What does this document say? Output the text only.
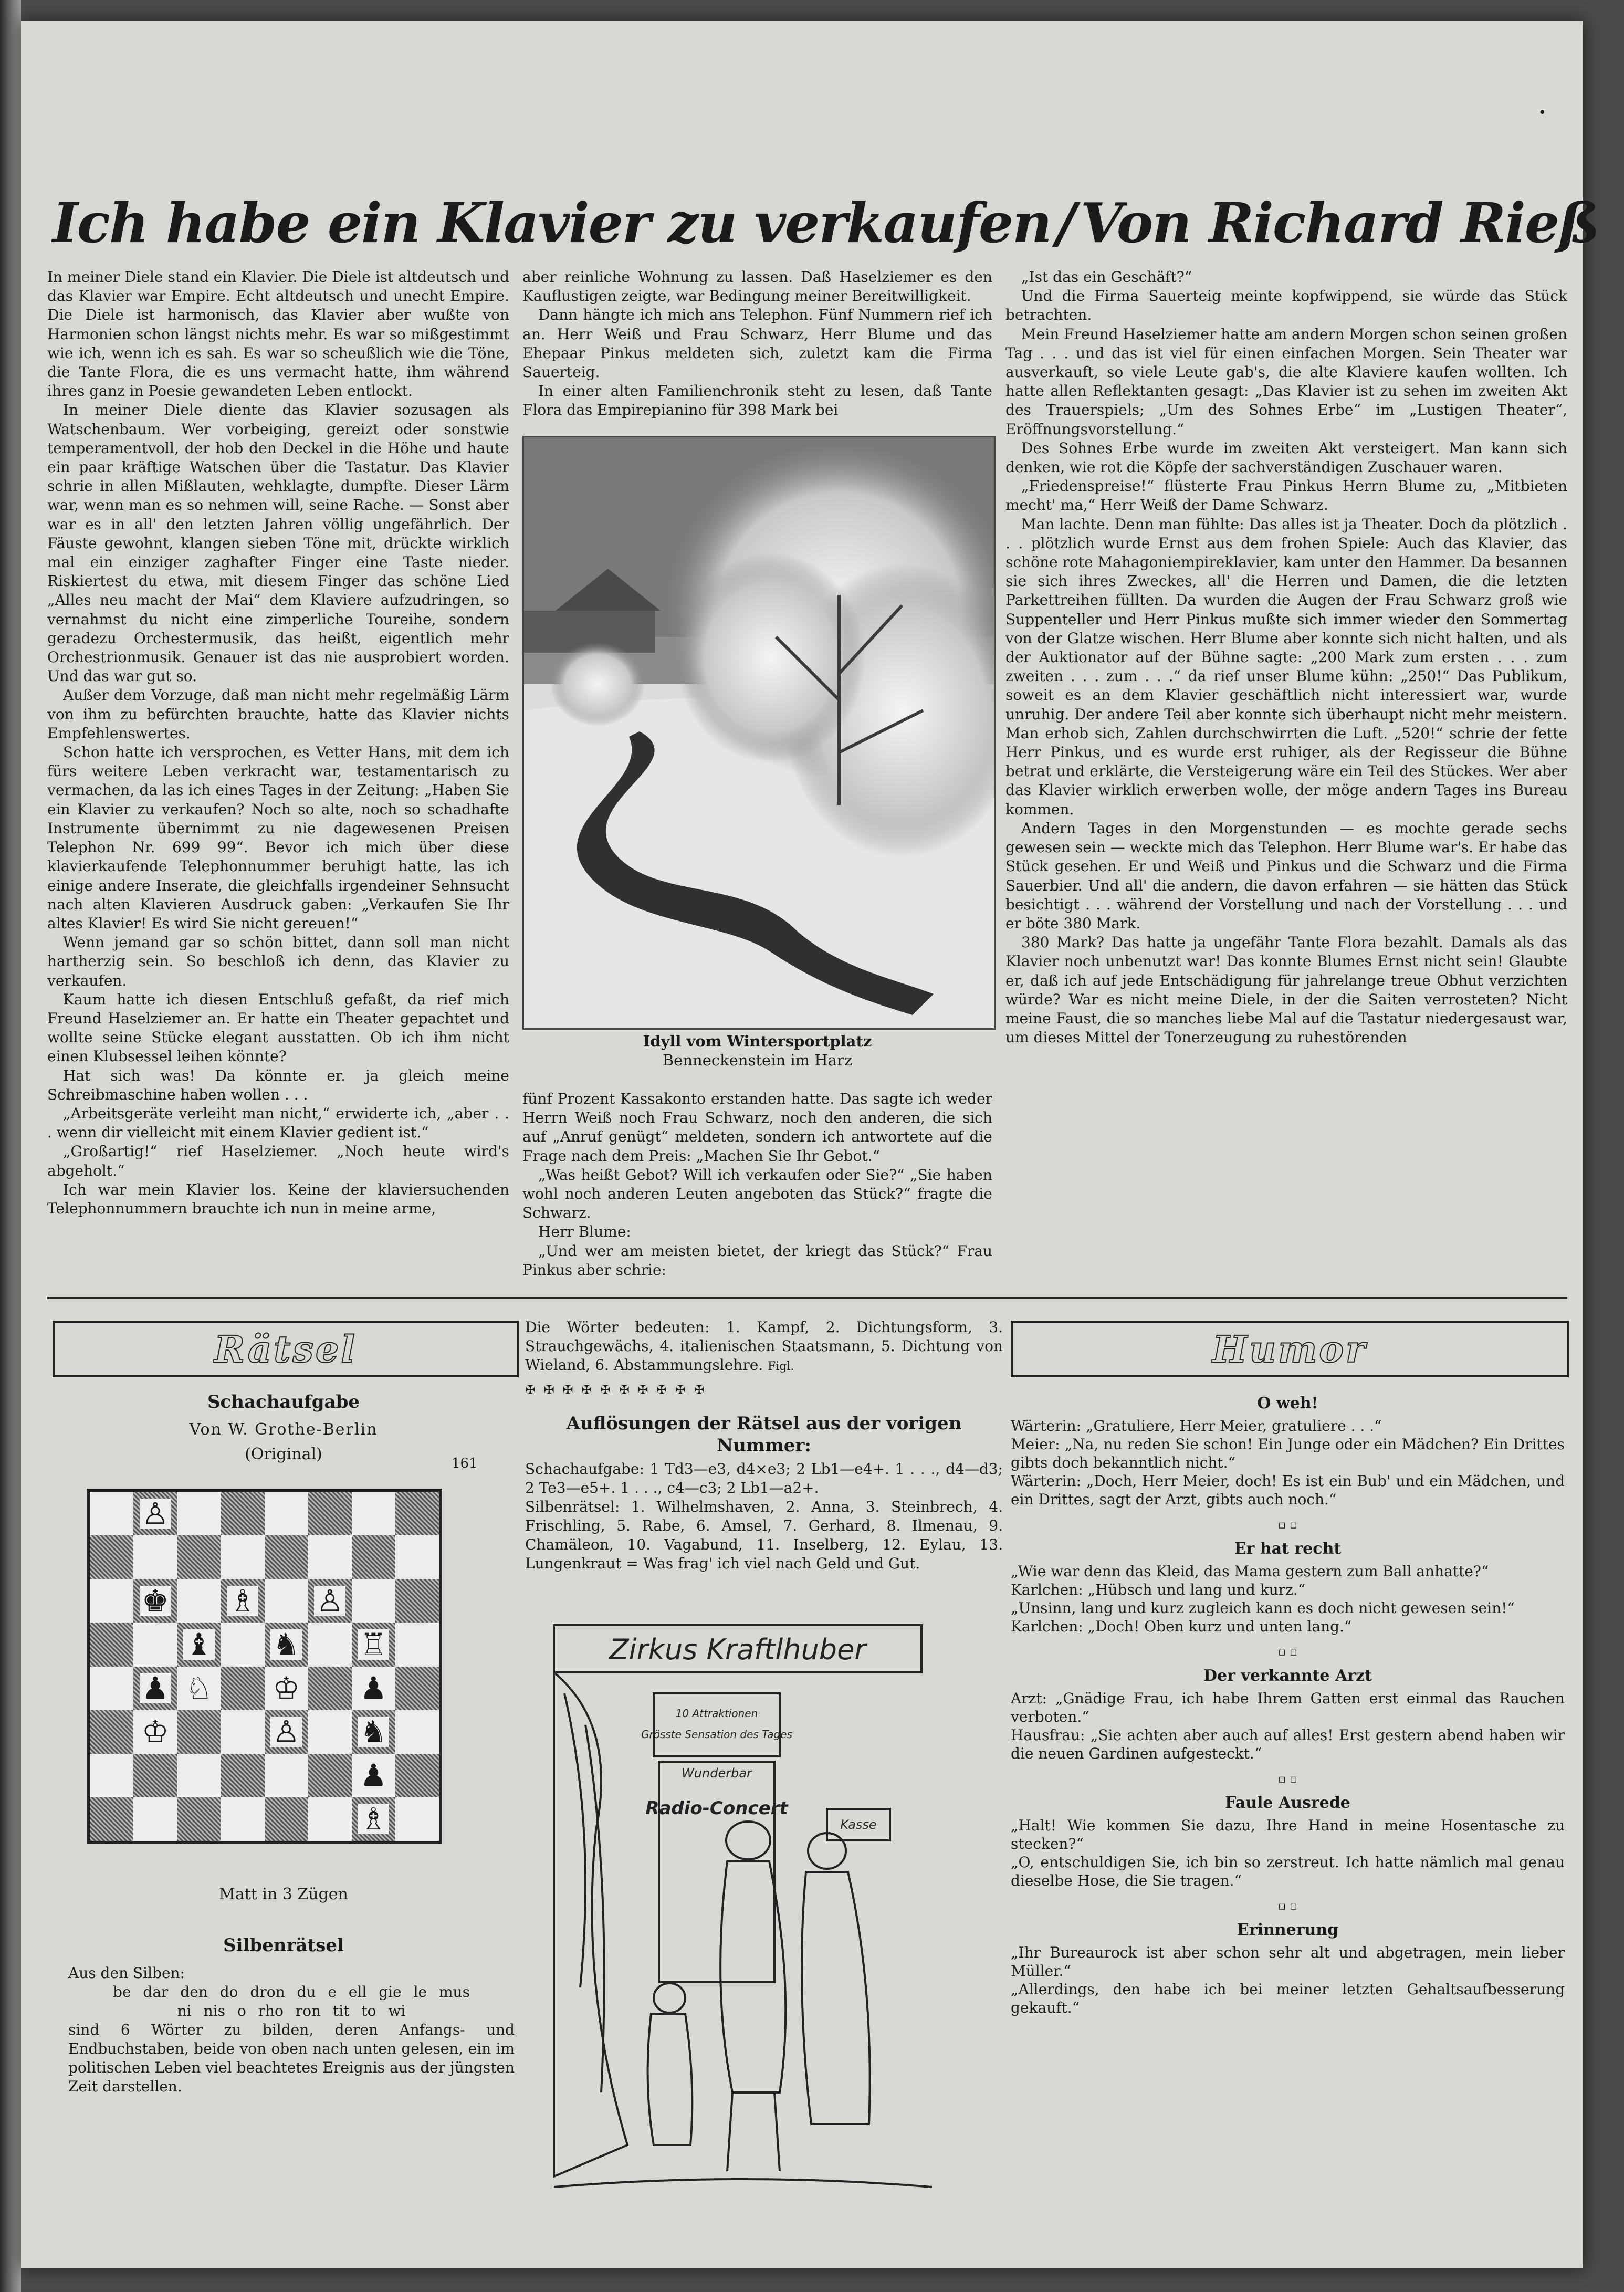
Ich habe ein Klavier zu verkaufen/Von Richard Rieß
•

In meiner Diele stand ein Klavier. Die Diele ist altdeutsch und das Klavier war Empire. Echt altdeutsch und unecht Empire. Die Diele ist harmonisch, das Klavier aber wußte von Harmonien schon längst nichts mehr. Es war so mißgestimmt wie ich, wenn ich es sah. Es war so scheußlich wie die Töne, die Tante Flora, die es uns vermacht hatte, ihm während ihres ganz in Poesie gewandeten Leben entlockt.

In meiner Diele diente das Klavier sozusagen als Watschenbaum. Wer vorbeiging, gereizt oder sonstwie temperamentvoll, der hob den Deckel in die Höhe und haute ein paar kräftige Watschen über die Tastatur. Das Klavier schrie in allen Mißlauten, wehklagte, dumpfte. Dieser Lärm war, wenn man es so nehmen will, seine Rache. — Sonst aber war es in all' den letzten Jahren völlig ungefährlich. Der Fäuste gewohnt, klangen sieben Töne mit, drückte wirklich mal ein einziger zaghafter Finger eine Taste nieder. Riskiertest du etwa, mit diesem Finger das schöne Lied „Alles neu macht der Mai“ dem Klaviere aufzudringen, so vernahmst du nicht eine zimperliche Toureihe, sondern geradezu Orchestermusik, das heißt, eigentlich mehr Orchestrionmusik. Genauer ist das nie ausprobiert worden. Und das war gut so.

Außer dem Vorzuge, daß man nicht mehr regelmäßig Lärm von ihm zu befürchten brauchte, hatte das Klavier nichts Empfehlenswertes.

Schon hatte ich versprochen, es Vetter Hans, mit dem ich fürs weitere Leben verkracht war, testamentarisch zu vermachen, da las ich eines Tages in der Zeitung: „Haben Sie ein Klavier zu verkaufen? Noch so alte, noch so schadhafte Instrumente übernimmt zu nie dagewesenen Preisen Telephon Nr. 699 99“. Bevor ich mich über diese klavierkaufende Telephonnummer beruhigt hatte, las ich einige andere Inserate, die gleichfalls irgendeiner Sehnsucht nach alten Klavieren Ausdruck gaben: „Verkaufen Sie Ihr altes Klavier! Es wird Sie nicht gereuen!“

Wenn jemand gar so schön bittet, dann soll man nicht hartherzig sein. So beschloß ich denn, das Klavier zu verkaufen.

Kaum hatte ich diesen Entschluß gefaßt, da rief mich Freund Haselziemer an. Er hatte ein Theater gepachtet und wollte seine Stücke elegant ausstatten. Ob ich ihm nicht einen Klubsessel leihen könnte?

Hat sich was! Da könnte er. ja gleich meine Schreibmaschine haben wollen . . .

„Arbeitsgeräte verleiht man nicht,“ erwiderte ich, „aber . . . wenn dir vielleicht mit einem Klavier gedient ist.“

„Großartig!“ rief Haselziemer. „Noch heute wird's abgeholt.“

Ich war mein Klavier los. Keine der klaviersuchenden Telephonnummern brauchte ich nun in meine arme,

aber reinliche Wohnung zu lassen. Daß Haselziemer es den Kauflustigen zeigte, war Bedingung meiner Bereitwilligkeit.

Dann hängte ich mich ans Telephon. Fünf Nummern rief ich an. Herr Weiß und Frau Schwarz, Herr Blume und das Ehepaar Pinkus meldeten sich, zuletzt kam die Firma Sauerteig.

In einer alten Familienchronik steht zu lesen, daß Tante Flora das Empirepianino für 398 Mark bei

Idyll vom Wintersportplatz
Benneckenstein im Harz

fünf Prozent Kassakonto erstanden hatte. Das sagte ich weder Herrn Weiß noch Frau Schwarz, noch den anderen, die sich auf „Anruf genügt“ meldeten, sondern ich antwortete auf die Frage nach dem Preis: „Machen Sie Ihr Gebot.“

„Was heißt Gebot? Will ich verkaufen oder Sie?“ „Sie haben wohl noch anderen Leuten angeboten das Stück?“ fragte die Schwarz.

Herr Blume:

„Und wer am meisten bietet, der kriegt das Stück?“ Frau Pinkus aber schrie:

„Ist das ein Geschäft?“

Und die Firma Sauerteig meinte kopfwippend, sie würde das Stück betrachten.

Mein Freund Haselziemer hatte am andern Morgen schon seinen großen Tag . . . und das ist viel für einen einfachen Morgen. Sein Theater war ausverkauft, so viele Leute gab's, die alte Klaviere kaufen wollten. Ich hatte allen Reflektanten gesagt: „Das Klavier ist zu sehen im zweiten Akt des Trauerspiels; „Um des Sohnes Erbe“ im „Lustigen Theater“, Eröffnungsvorstellung.“

Des Sohnes Erbe wurde im zweiten Akt versteigert. Man kann sich denken, wie rot die Köpfe der sachverständigen Zuschauer waren.

„Friedenspreise!“ flüsterte Frau Pinkus Herrn Blume zu, „Mitbieten mecht' ma,“ Herr Weiß der Dame Schwarz.

Man lachte. Denn man fühlte: Das alles ist ja Theater. Doch da plötzlich . . . plötzlich wurde Ernst aus dem frohen Spiele: Auch das Klavier, das schöne rote Mahagoniempireklavier, kam unter den Hammer. Da besannen sie sich ihres Zweckes, all' die Herren und Damen, die die letzten Parkettreihen füllten. Da wurden die Augen der Frau Schwarz groß wie Suppenteller und Herr Pinkus mußte sich immer wieder den Sommertag von der Glatze wischen. Herr Blume aber konnte sich nicht halten, und als der Auktionator auf der Bühne sagte: „200 Mark zum ersten . . . zum zweiten . . . zum . . .“ da rief unser Blume kühn: „250!“ Das Publikum, soweit es an dem Klavier geschäftlich nicht interessiert war, wurde unruhig. Der andere Teil aber konnte sich überhaupt nicht mehr meistern. Man erhob sich, Zahlen durchschwirrten die Luft. „520!“ schrie der fette Herr Pinkus, und es wurde erst ruhiger, als der Regisseur die Bühne betrat und erklärte, die Versteigerung wäre ein Teil des Stückes. Wer aber das Klavier wirklich erwerben wolle, der möge andern Tages ins Bureau kommen.

Andern Tages in den Morgenstunden — es mochte gerade sechs gewesen sein — weckte mich das Telephon. Herr Blume war's. Er habe das Stück gesehen. Er und Weiß und Pinkus und die Schwarz und die Firma Sauerbier. Und all' die andern, die davon erfahren — sie hätten das Stück besichtigt . . . während der Vorstellung und nach der Vorstellung . . . und er böte 380 Mark.

380 Mark? Das hatte ja ungefähr Tante Flora bezahlt. Damals als das Klavier noch unbenutzt war! Das konnte Blumes Ernst nicht sein! Glaubte er, daß ich auf jede Entschädigung für jahrelange treue Obhut verzichten würde? War es nicht meine Diele, in der die Saiten verrosteten? Nicht meine Faust, die so manches liebe Mal auf die Tastatur niedergesaust war, um dieses Mittel der Tonerzeugung zu ruhestörenden

Rätsel
Schachaufgabe
Von W. Grothe-Berlin
(Original)	161
♙
♚ ♗ ♙
♝ ♞ ♖
♟ ♘ ♔ ♟
♔	♙ ♞
♟
♗
Matt in 3 Zügen
Silbenrätsel

Aus den Silben:

be dar den do dron du e ell gie le mus

ni nis o rho ron tit to wi

sind 6 Wörter zu bilden, deren Anfangs- und Endbuchstaben, beide von oben nach unten gelesen, ein im politischen Leben viel beachtetes Ereignis aus der jüngsten Zeit darstellen.

Die Wörter bedeuten: 1. Kampf, 2. Dichtungsform, 3. Strauchgewächs, 4. italienischen Staatsmann, 5. Dichtung von Wieland, 6. Abstammungslehre. Figl.

✠ ✠ ✠ ✠ ✠ ✠ ✠ ✠ ✠ ✠

Auflösungen der Rätsel aus der vorigen Nummer:

Schachaufgabe: 1 Td3—e3, d4×e3; 2 Lb1—e4+. 1 . . ., d4—d3; 2 Te3—e5+. 1 . . ., c4—c3; 2 Lb1—a2+.

Silbenrätsel: 1. Wilhelmshaven, 2. Anna, 3. Steinbrech, 4. Frischling, 5. Rabe, 6. Amsel, 7. Gerhard, 8. Ilmenau, 9. Chamäleon, 10. Vagabund, 11. Inselberg, 12. Eylau, 13. Lungenkraut = Was frag' ich viel nach Geld und Gut.

Zirkus Kraftlhuber
10 Attraktionen
Grösste Sensation des Tages
Wunderbar
Radio-Concert
Kasse
Humor
O weh!

Wärterin: „Gratuliere, Herr Meier, gratuliere . . .“

Meier: „Na, nu reden Sie schon! Ein Junge oder ein Mädchen? Ein Drittes gibts doch bekanntlich nicht.“

Wärterin: „Doch, Herr Meier, doch! Es ist ein Bub' und ein Mädchen, und ein Drittes, sagt der Arzt, gibts auch noch.“

▫ ▫
Er hat recht

„Wie war denn das Kleid, das Mama gestern zum Ball anhatte?“

Karlchen: „Hübsch und lang und kurz.“

„Unsinn, lang und kurz zugleich kann es doch nicht gewesen sein!“

Karlchen: „Doch! Oben kurz und unten lang.“

▫ ▫
Der verkannte Arzt

Arzt: „Gnädige Frau, ich habe Ihrem Gatten erst einmal das Rauchen verboten.“

Hausfrau: „Sie achten aber auch auf alles! Erst gestern abend haben wir die neuen Gardinen aufgesteckt.“

▫ ▫
Faule Ausrede

„Halt! Wie kommen Sie dazu, Ihre Hand in meine Hosentasche zu stecken?“

„O, entschuldigen Sie, ich bin so zerstreut. Ich hatte nämlich mal genau dieselbe Hose, die Sie tragen.“

▫ ▫
Erinnerung

„Ihr Bureaurock ist aber schon sehr alt und abgetragen, mein lieber Müller.“

„Allerdings, den habe ich bei meiner letzten Gehaltsaufbesserung gekauft.“
